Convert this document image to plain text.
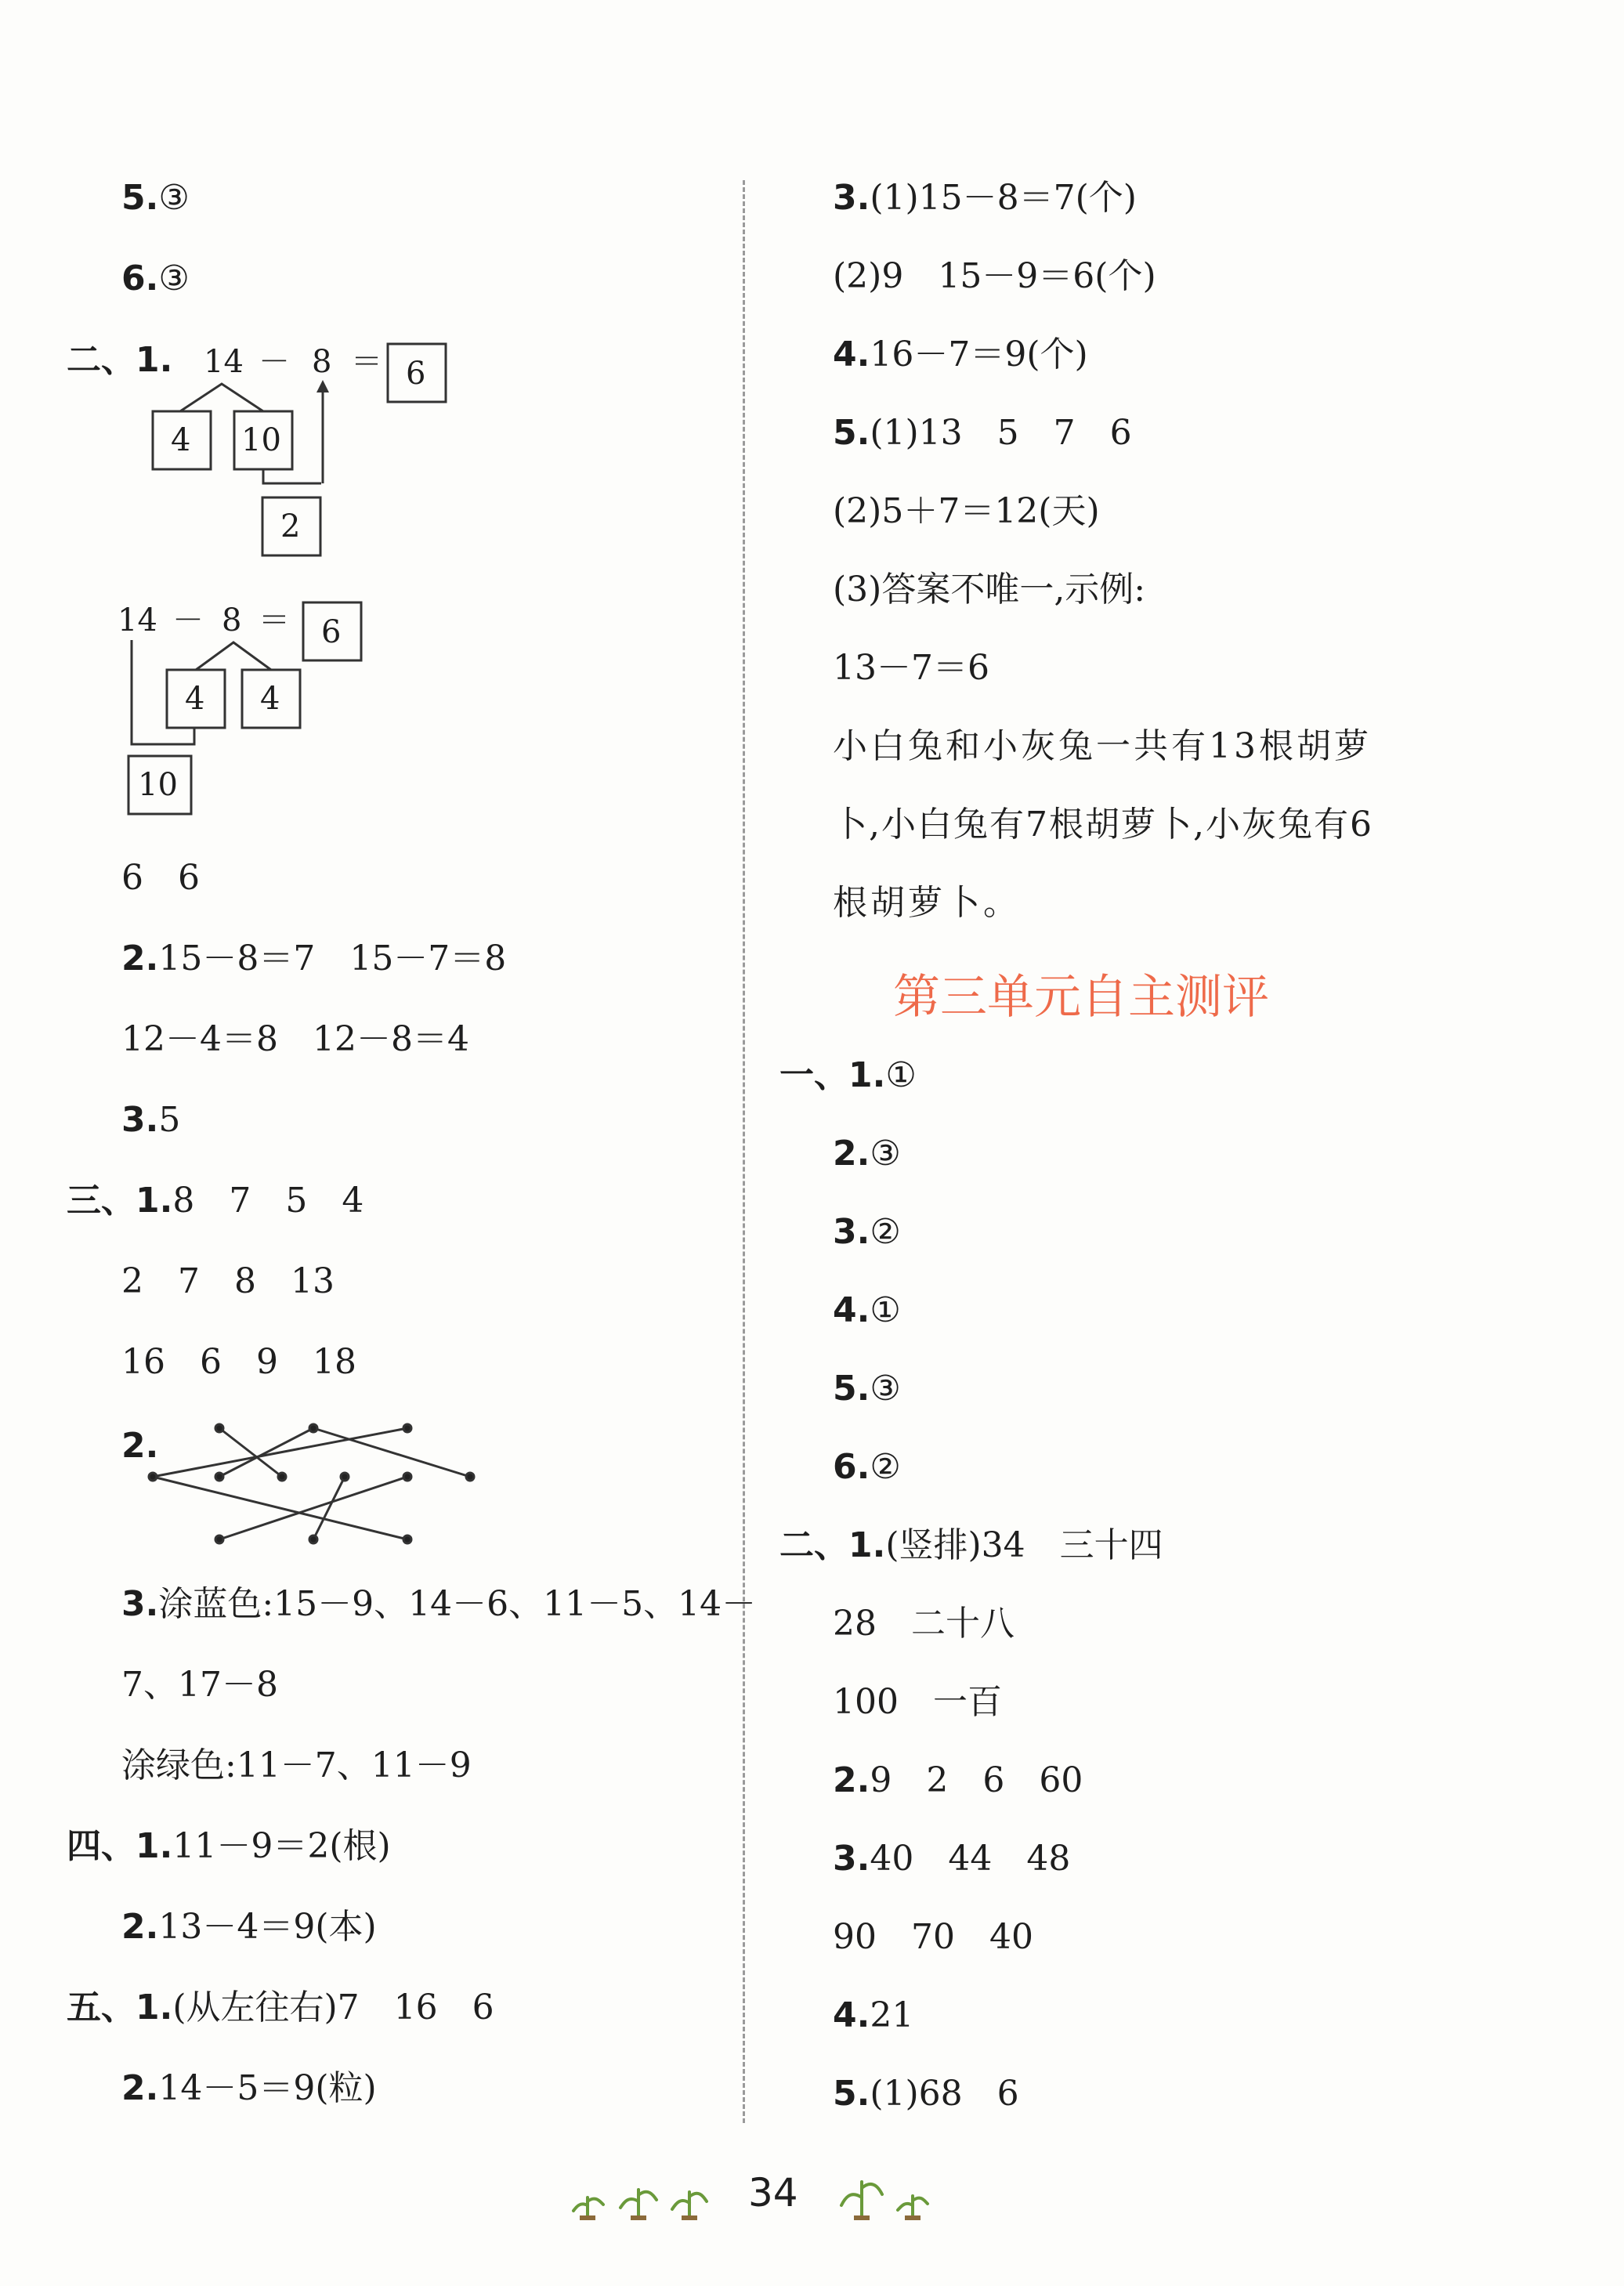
5.③
6.③
二、1. 14 － 8 ＝ 6
4 10
2
14 － 8 ＝ 6
4 4
10
6　6
2.15－8＝7　15－7＝8
12－4＝8　12－8＝4
3.5
三、1.8　7　5　4
2　7　8　13
16　6　9　18
2.
3.涂蓝色:15－9、14－6、11－5、14－
7、17－8
涂绿色:11－7、11－9
四、1.11－9＝2(根)
2.13－4＝9(本)
五、1.(从左往右)7　16　6
2.14－5＝9(粒)
3.(1)15－8＝7(个)
(2)9　15－9＝6(个)
4.16－7＝9(个)
5.(1)13　5　7　6
(2)5＋7＝12(天)
(3)答案不唯一,示例:
13－7＝6
小白兔和小灰兔一共有13根胡萝
卜,小白兔有7根胡萝卜,小灰兔有6
根胡萝卜。
第三单元自主测评
一、1.①
2.③
3.②
4.①
5.③
6.②
二、1.(竖排)34　三十四
28　二十八
100　一百
2.9　2　6　60
3.40　44　48
90　70　40
4.21
5.(1)68　6
34
